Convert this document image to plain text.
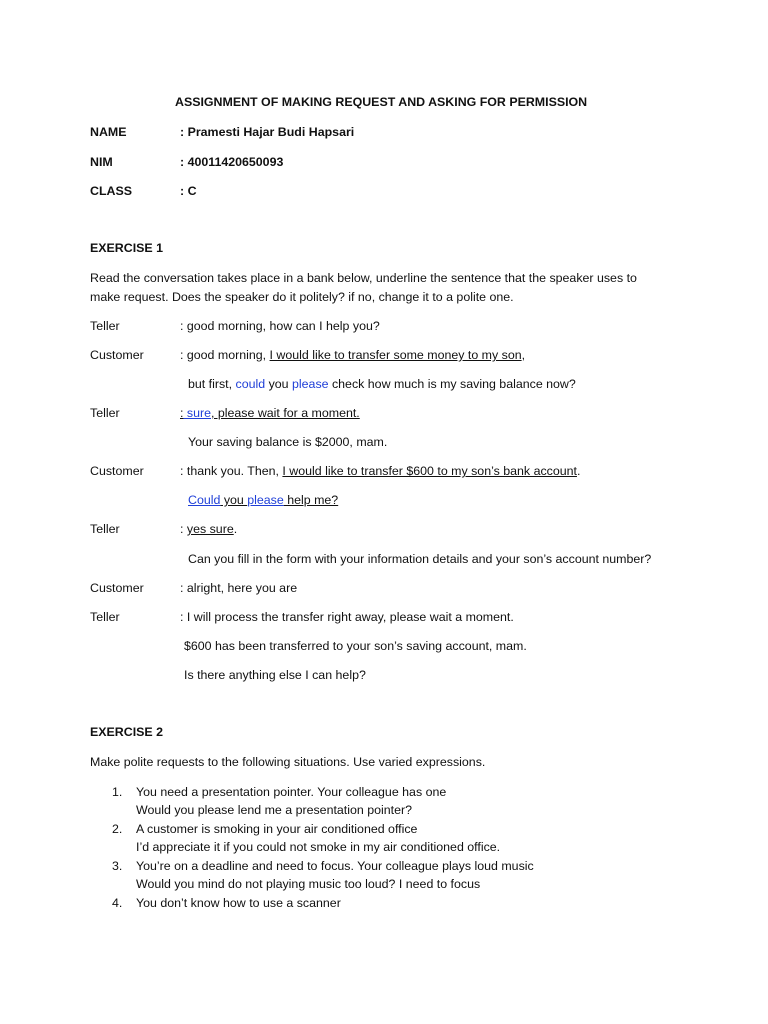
ASSIGNMENT OF MAKING REQUEST AND ASKING FOR PERMISSION
NAME	: Pramesti Hajar Budi Hapsari
NIM	: 40011420650093
CLASS	: C
EXERCISE 1
Read the conversation takes place in a bank below, underline the sentence that the speaker uses to
make request. Does the speaker do it politely? if no, change it to a polite one.
Teller	: good morning, how can I help you?
Customer	: good morning, I would like to transfer some money to my son,
but first, could you please check how much is my saving balance now?
Teller	: sure, please wait for a moment.
Your saving balance is $2000, mam.
Customer	: thank you. Then, I would like to transfer $600 to my son’s bank account.
Could you please help me?
Teller	: yes sure.
Can you fill in the form with your information details and your son’s account number?
Customer	: alright, here you are
Teller	: I will process the transfer right away, please wait a moment.
$600 has been transferred to your son’s saving account, mam.
Is there anything else I can help?
EXERCISE 2
Make polite requests to the following situations. Use varied expressions.
1. You need a presentation pointer. Your colleague has one
Would you please lend me a presentation pointer?
2. A customer is smoking in your air conditioned office
I’d appreciate it if you could not smoke in my air conditioned office.
3. You’re on a deadline and need to focus. Your colleague plays loud music
Would you mind do not playing music too loud? I need to focus
4. You don’t know how to use a scanner
